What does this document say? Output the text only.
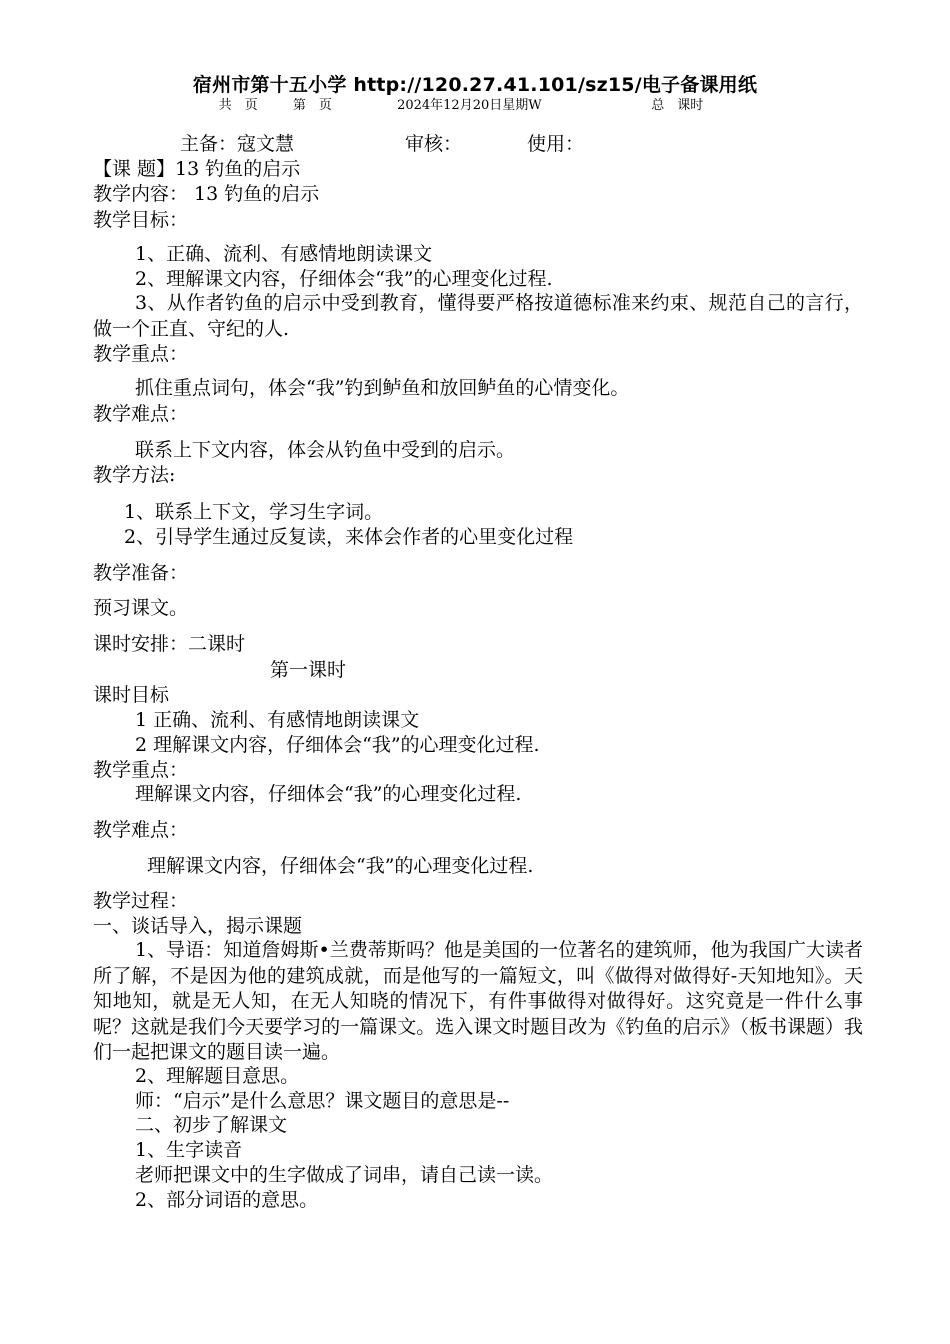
宿州市第十五小学 http://120.27.41.101/sz15/电子备课用纸
共　页	第　页	2024年12月20日星期W	总　课时
主备：寇文慧	审核：	使用：
【课 题】13 钓鱼的启示
教学内容： 13 钓鱼的启示
教学目标：
1、正确、流利、有感情地朗读课文
2、理解课文内容，仔细体会“我”的心理变化过程.
3、从作者钓鱼的启示中受到教育，懂得要严格按道德标准来约束、规范自己的言行，做一个正直、守纪的人.
教学重点：
抓住重点词句，体会“我”钓到鲈鱼和放回鲈鱼的心情变化。
教学难点：
联系上下文内容，体会从钓鱼中受到的启示。
教学方法:
1、联系上下文，学习生字词。
2、引导学生通过反复读，来体会作者的心里变化过程
教学准备：
预习课文。
课时安排：二课时
第一课时
课时目标
1 正确、流利、有感情地朗读课文
2 理解课文内容，仔细体会“我”的心理变化过程.
教学重点：
理解课文内容，仔细体会“我”的心理变化过程.
教学难点：
理解课文内容，仔细体会“我”的心理变化过程.
教学过程：
一、谈话导入，揭示课题
1、导语：知道詹姆斯•兰费蒂斯吗？他是美国的一位著名的建筑师，他为我国广大读者所了解，不是因为他的建筑成就，而是他写的一篇短文，叫《做得对做得好-天知地知》。天知地知，就是无人知，在无人知晓的情况下，有件事做得对做得好。这究竟是一件什么事呢？这就是我们今天要学习的一篇课文。选入课文时题目改为《钓鱼的启示》（板书课题）我们一起把课文的题目读一遍。
2、理解题目意思。
师：“启示”是什么意思？课文题目的意思是--
二、初步了解课文
1、生字读音
老师把课文中的生字做成了词串，请自己读一读。
2、部分词语的意思。
